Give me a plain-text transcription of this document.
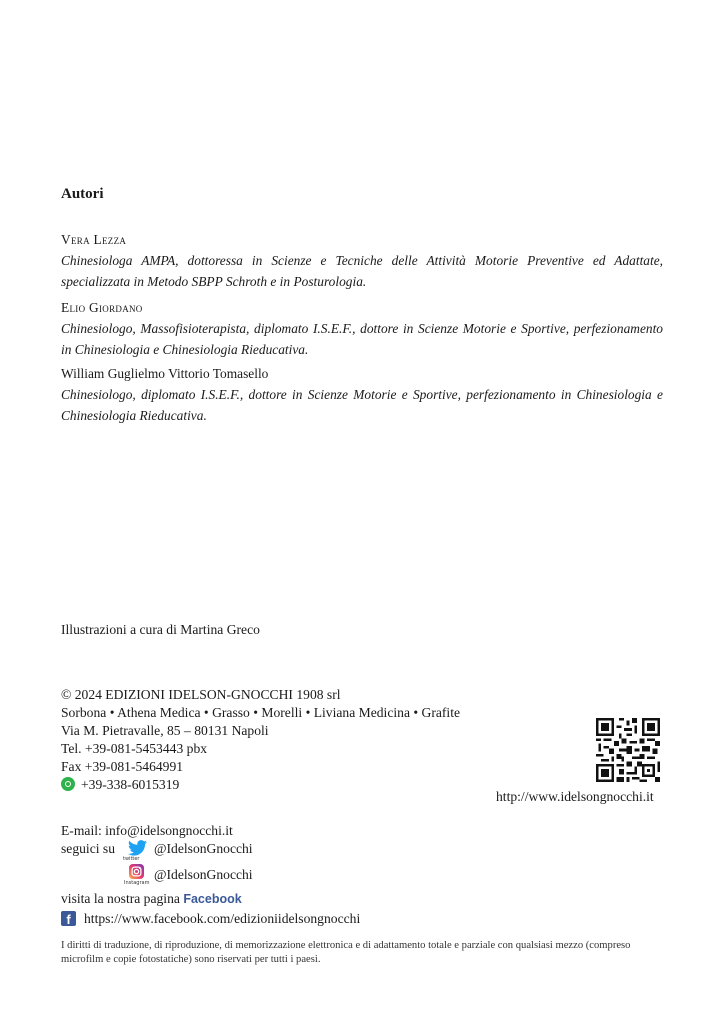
Autori
Vera Lezza
Chinesiologa AMPA, dottoressa in Scienze e Tecniche delle Attività Motorie Preventive ed Adattate, specializzata in Metodo SBPP Schroth e in Posturologia.
Elio Giordano
Chinesiologo, Massofisioterapista, diplomato I.S.E.F., dottore in Scienze Motorie e Sportive, perfezionamento in Chinesiologia e Chinesiologia Rieducativa.
William Guglielmo Vittorio Tomasello
Chinesiologo, diplomato I.S.E.F., dottore in Scienze Motorie e Sportive, perfezionamento in Chinesiologia e Chinesiologia Rieducativa.
Illustrazioni a cura di Martina Greco
© 2024 EDIZIONI IDELSON-GNOCCHI 1908 srl
Sorbona • Athena Medica • Grasso • Morelli • Liviana Medicina • Grafite
Via M. Pietravalle, 85 – 80131 Napoli
Tel. +39-081-5453443 pbx
Fax +39-081-5464991
+39-338-6015319
http://www.idelsongnocchi.it
E-mail: info@idelsongnocchi.it
seguici su
twitter
@IdelsonGnocchi
Instagram
@IdelsonGnocchi
visita la nostra pagina Facebook
f https://www.facebook.com/edizioniidelsongnocchi
I diritti di traduzione, di riproduzione, di memorizzazione elettronica e di adattamento totale e parziale con qualsiasi mezzo (compreso microfilm e copie fotostatiche) sono riservati per tutti i paesi.
